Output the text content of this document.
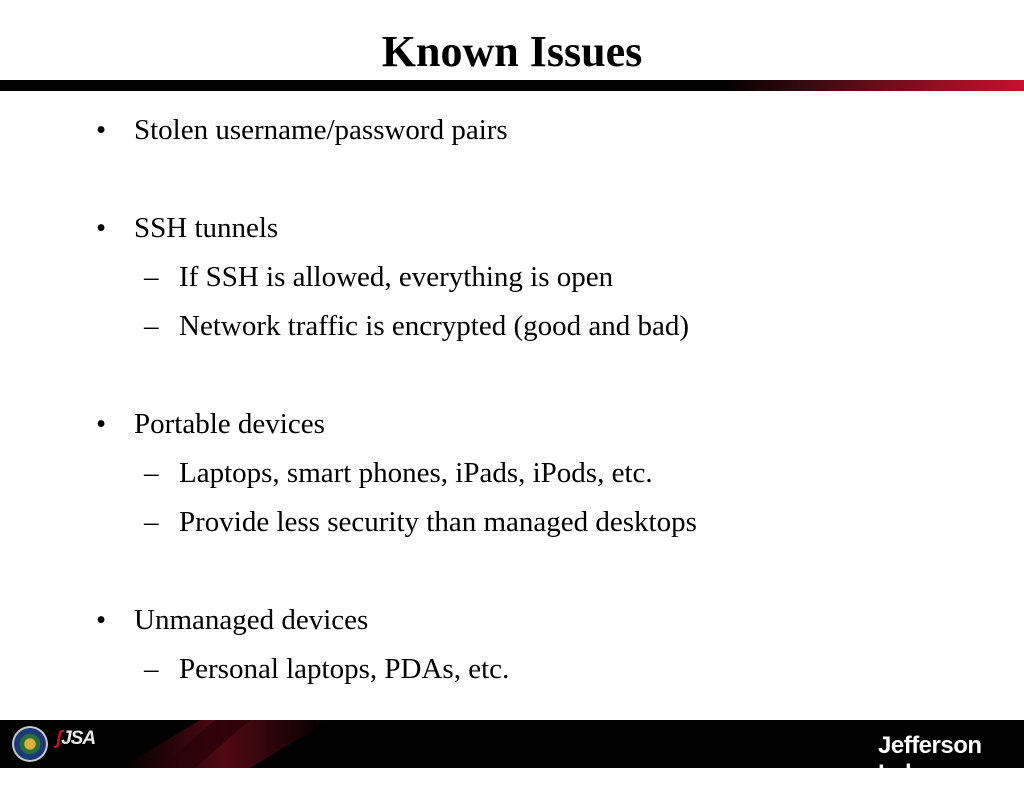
Known Issues
• Stolen username/password pairs
• SSH tunnels
– If SSH is allowed, everything is open
– Network traffic is encrypted (good and bad)
• Portable devices
– Laptops, smart phones, iPads, iPods, etc.
– Provide less security than managed desktops
• Unmanaged devices
– Personal laptops, PDAs, etc.
ʃJSA	Jefferson Lab
